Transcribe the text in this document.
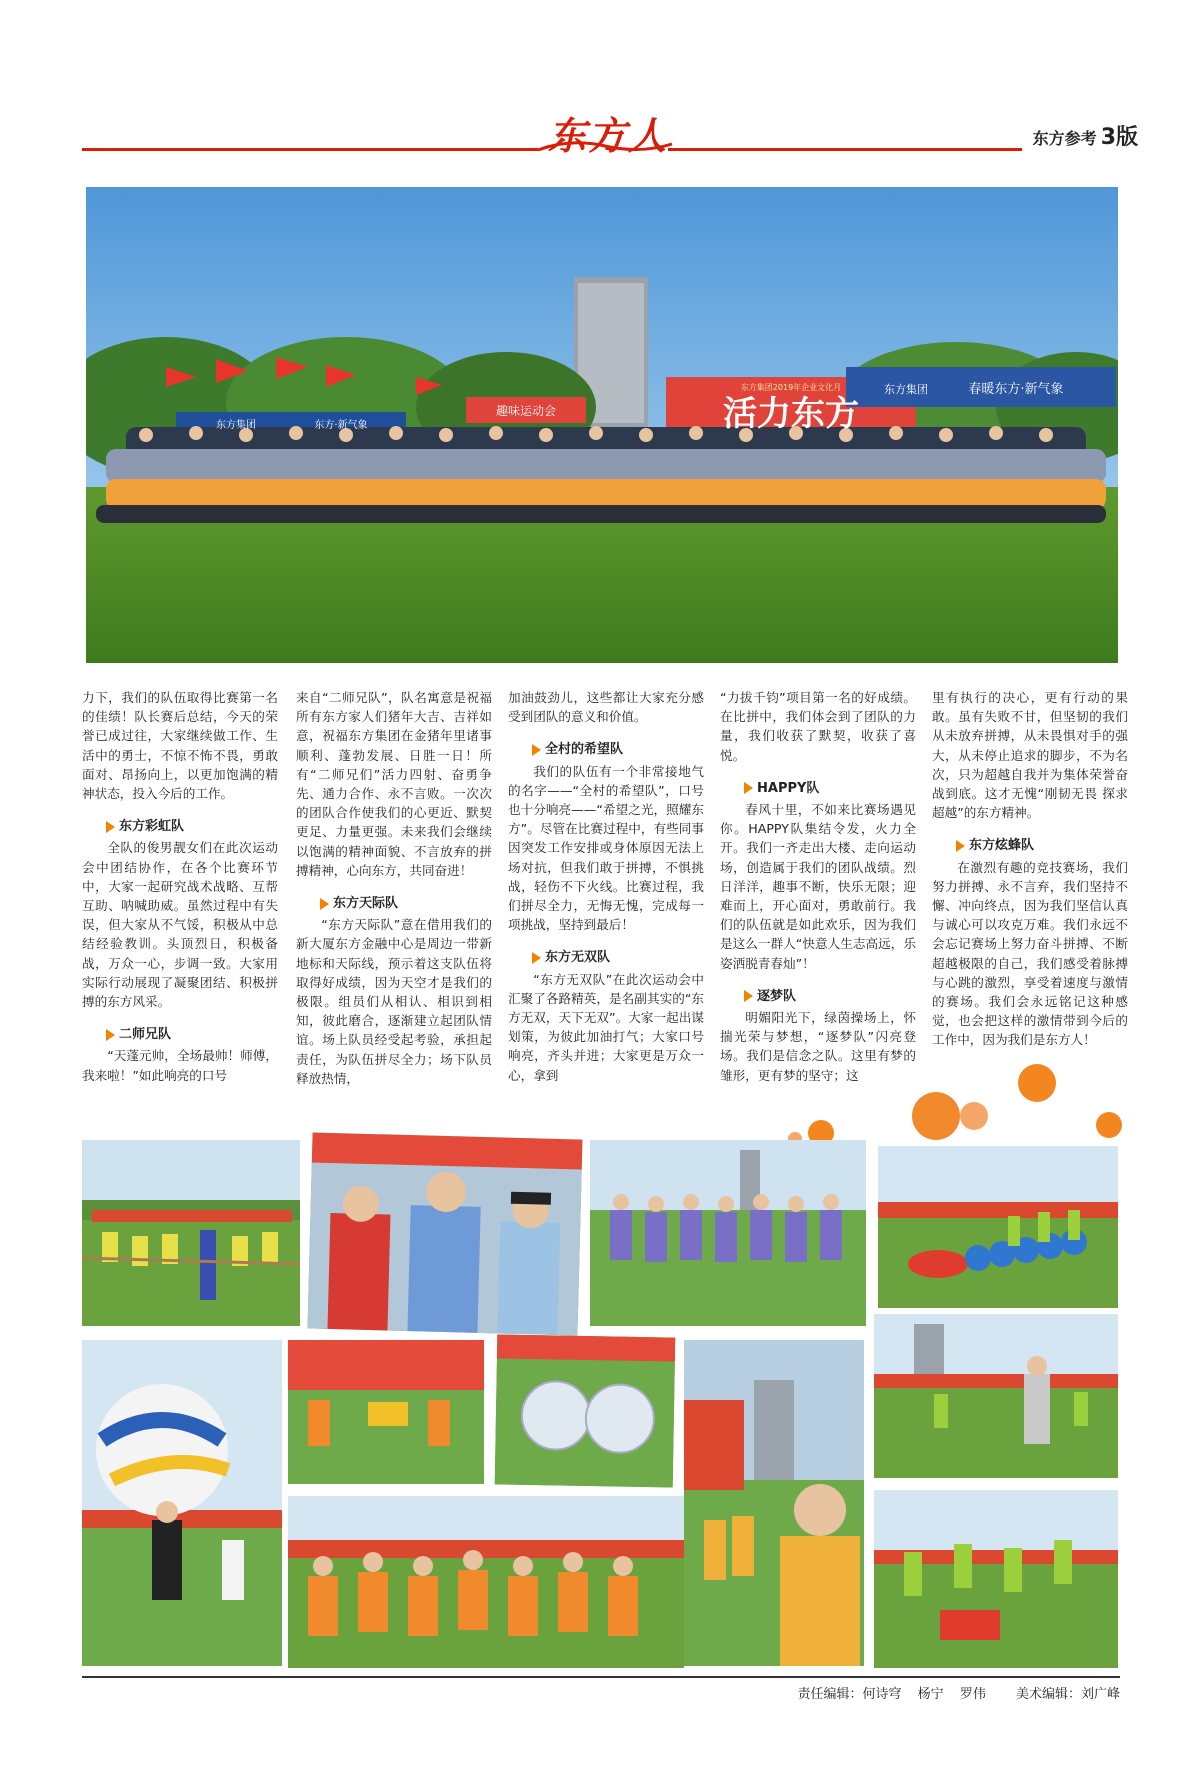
东方人	东方参考 3版
活力东方
东方集团2019年企业文化月
趣味运动会
东方集团	春暖东方·新气象
东方集团	东方·新气象

力下，我们的队伍取得比赛第一名的佳绩！队长赛后总结，今天的荣誉已成过往，大家继续做工作、生活中的勇士，不惊不怖不畏，勇敢面对、昂扬向上，以更加饱满的精神状态，投入今后的工作。

东方彩虹队

全队的俊男靓女们在此次运动会中团结协作，在各个比赛环节中，大家一起研究战术战略、互帮互助、呐喊助威。虽然过程中有失误，但大家从不气馁，积极从中总结经验教训。头顶烈日，积极备战，万众一心，步调一致。大家用实际行动展现了凝聚团结、积极拼搏的东方风采。

二师兄队

“天蓬元帅，全场最帅！师傅，我来啦！”如此响亮的口号

来自“二师兄队”，队名寓意是祝福所有东方家人们猪年大吉、吉祥如意，祝福东方集团在金猪年里诸事顺利、蓬勃发展、日胜一日！所有“二师兄们”活力四射、奋勇争先、通力合作、永不言败。一次次的团队合作使我们的心更近、默契更足、力量更强。未来我们会继续以饱满的精神面貌、不言放弃的拼搏精神，心向东方，共同奋进！

东方天际队

“东方天际队”意在借用我们的新大厦东方金融中心是周边一带新地标和天际线，预示着这支队伍将取得好成绩，因为天空才是我们的极限。组员们从相认、相识到相知，彼此磨合，逐渐建立起团队情谊。场上队员经受起考验，承担起责任，为队伍拼尽全力；场下队员释放热情，

加油鼓劲儿，这些都让大家充分感受到团队的意义和价值。

全村的希望队

我们的队伍有一个非常接地气的名字——“全村的希望队”，口号也十分响亮——“希望之光，照耀东方”。尽管在比赛过程中，有些同事因突发工作安排或身体原因无法上场对抗，但我们敢于拼搏，不惧挑战，轻伤不下火线。比赛过程，我们拼尽全力，无悔无愧，完成每一项挑战，坚持到最后！

东方无双队

“东方无双队”在此次运动会中汇聚了各路精英，是名副其实的“东方无双，天下无双”。大家一起出谋划策，为彼此加油打气；大家口号响亮，齐头并进；大家更是万众一心，拿到

“力拔千钧”项目第一名的好成绩。在比拼中，我们体会到了团队的力量，我们收获了默契，收获了喜悦。

HAPPY队

春风十里，不如来比赛场遇见你。HAPPY队集结令发，火力全开。我们一齐走出大楼、走向运动场，创造属于我们的团队战绩。烈日洋洋，趣事不断，快乐无限；迎难而上，开心面对，勇敢前行。我们的队伍就是如此欢乐，因为我们是这么一群人“快意人生志高远，乐姿洒脱青春灿”！

逐梦队

明媚阳光下，绿茵操场上，怀揣光荣与梦想，“逐梦队”闪亮登场。我们是信念之队。这里有梦的雏形，更有梦的坚守；这

里有执行的决心，更有行动的果敢。虽有失败不甘，但坚韧的我们从未放弃拼搏，从未畏惧对手的强大，从未停止追求的脚步，不为名次，只为超越自我并为集体荣誉奋战到底。这才无愧“刚韧无畏 探求 超越”的东方精神。

东方炫蜂队

在激烈有趣的竞技赛场，我们努力拼搏、永不言弃，我们坚持不懈、冲向终点，因为我们坚信认真与诚心可以攻克万难。我们永远不会忘记赛场上努力奋斗拼搏、不断超越极限的自己，我们感受着脉搏与心跳的激烈，享受着速度与激情的赛场。我们会永远铭记这种感觉，也会把这样的激情带到今后的工作中，因为我们是东方人！

责任编辑：何诗穹 杨宁 罗伟 美术编辑：刘广峰
